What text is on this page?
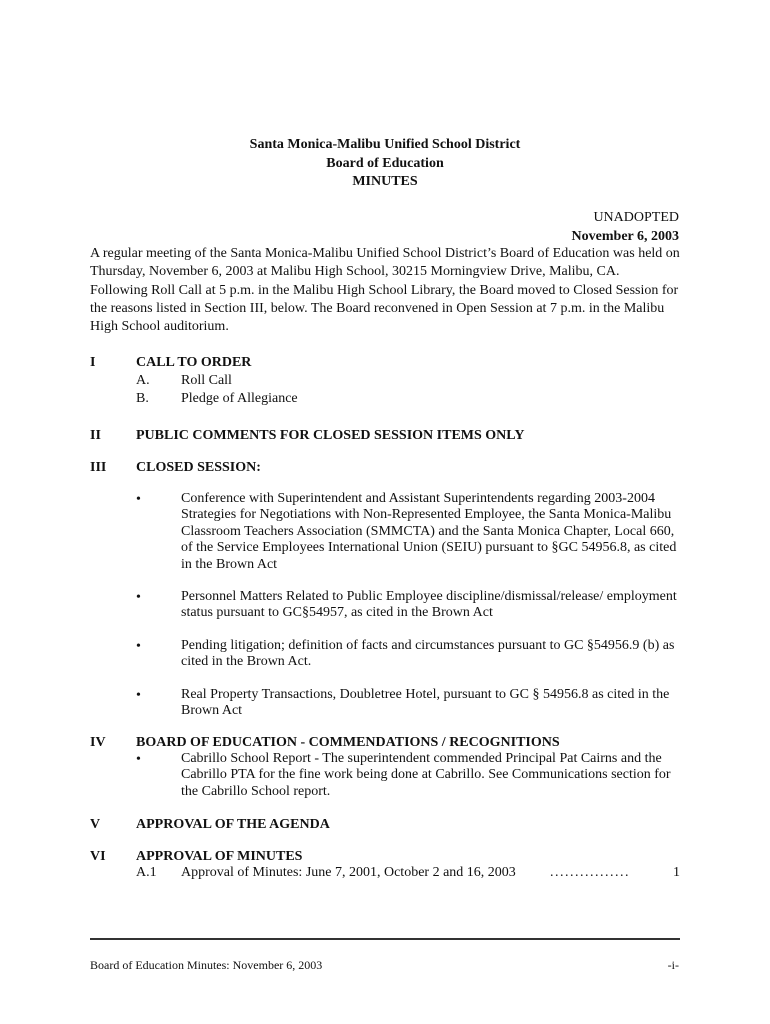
Santa Monica-Malibu Unified School District
Board of Education
MINUTES
UNADOPTED
November 6, 2003
A regular meeting of the Santa Monica-Malibu Unified School District’s Board of Education was held on Thursday, November 6, 2003 at Malibu High School, 30215 Morningview Drive, Malibu, CA. Following Roll Call at 5 p.m. in the Malibu High School Library, the Board moved to Closed Session for the reasons listed in Section III, below. The Board reconvened in Open Session at 7 p.m. in the Malibu High School auditorium.
I	CALL TO ORDER
A. Roll Call
B. Pledge of Allegiance
II	PUBLIC COMMENTS FOR CLOSED SESSION ITEMS ONLY
III CLOSED SESSION:
•	Conference with Superintendent and Assistant Superintendents regarding 2003-2004 Strategies for Negotiations with Non-Represented Employee, the Santa Monica-Malibu Classroom Teachers Association (SMMCTA) and the Santa Monica Chapter, Local 660, of the Service Employees International Union (SEIU) pursuant to §GC 54956.8, as cited in the Brown Act
•	Personnel Matters Related to Public Employee discipline/dismissal/release/ employment status pursuant to GC§54957, as cited in the Brown Act
•	Pending litigation; definition of facts and circumstances pursuant to GC §54956.9 (b) as cited in the Brown Act.
•	Real Property Transactions, Doubletree Hotel, pursuant to GC § 54956.8 as cited in the Brown Act
IV BOARD OF EDUCATION - COMMENDATIONS / RECOGNITIONS
•	Cabrillo School Report - The superintendent commended Principal Pat Cairns and the Cabrillo PTA for the fine work being done at Cabrillo. See Communications section for the Cabrillo School report.
V	APPROVAL OF THE AGENDA
VI APPROVAL OF MINUTES
A.1 Approval of Minutes: June 7, 2001, October 2 and 16, 2003 ................	1
Board of Education Minutes: November 6, 2003	-i-
